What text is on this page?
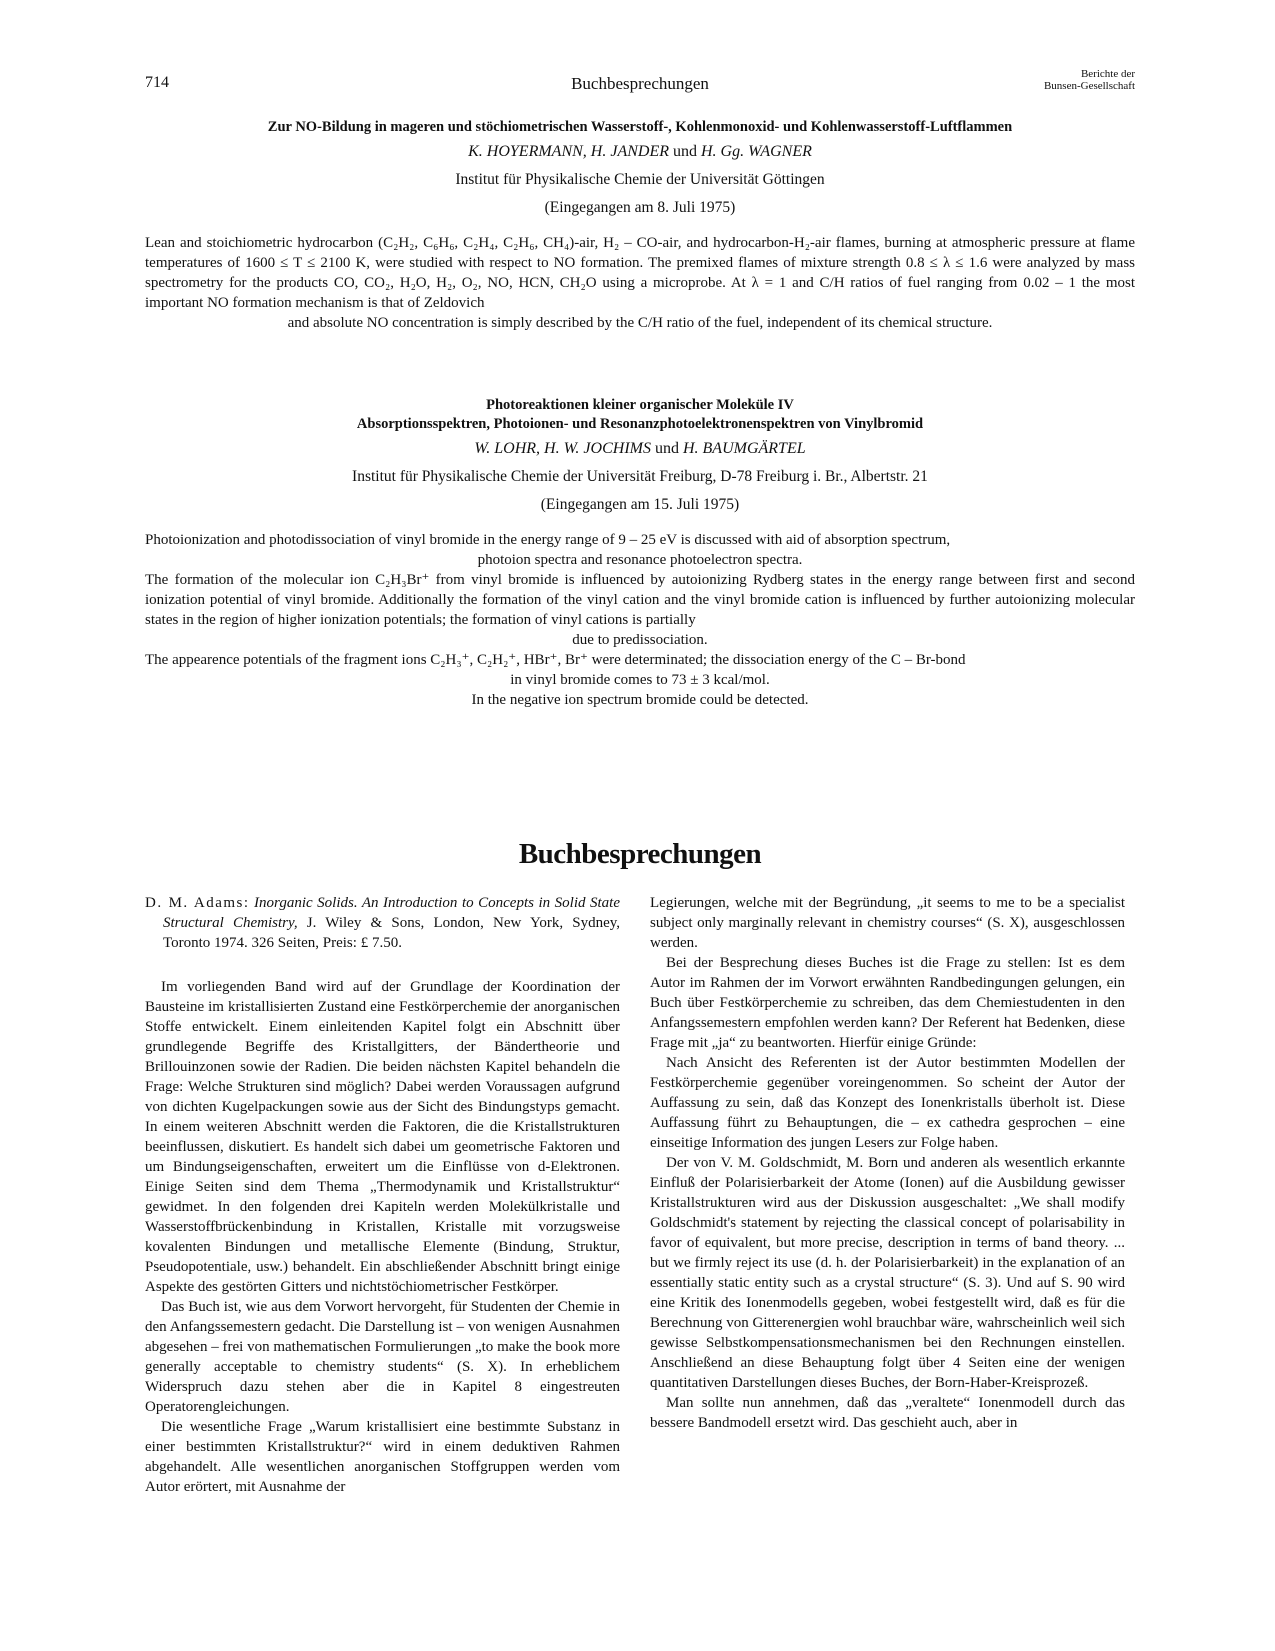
714	Buchbesprechungen	Berichte der
Bunsen-Gesellschaft
Zur NO-Bildung in mageren und stöchiometrischen Wasserstoff-, Kohlenmonoxid- und Kohlenwasserstoff-Luftflammen
K. HOYERMANN, H. JANDER und H. Gg. WAGNER
Institut für Physikalische Chemie der Universität Göttingen
(Eingegangen am 8. Juli 1975)

Lean and stoichiometric hydrocarbon (C₂H₂, C₆H₆, C₂H₄, C₂H₆, CH₄)-air, H₂ – CO-air, and hydrocarbon-H₂-air flames, burning at atmospheric pressure at flame temperatures of 1600 ≤ T ≤ 2100 K, were studied with respect to NO formation. The premixed flames of mixture strength 0.8 ≤ λ ≤ 1.6 were analyzed by mass spectrometry for the products CO, CO₂, H₂O, H₂, O₂, NO, HCN, CH₂O using a microprobe. At λ = 1 and C/H ratios of fuel ranging from 0.02 – 1 the most important NO formation mechanism is that of Zeldovich

and absolute NO concentration is simply described by the C/H ratio of the fuel, independent of its chemical structure.

Photoreaktionen kleiner organischer Moleküle IV
Absorptionsspektren, Photoionen- und Resonanzphotoelektronenspektren von Vinylbromid
W. LOHR, H. W. JOCHIMS und H. BAUMGÄRTEL
Institut für Physikalische Chemie der Universität Freiburg, D-78 Freiburg i. Br., Albertstr. 21
(Eingegangen am 15. Juli 1975)

Photoionization and photodissociation of vinyl bromide in the energy range of 9 – 25 eV is discussed with aid of absorption spectrum,

photoion spectra and resonance photoelectron spectra.

The formation of the molecular ion C₂H₃Br⁺ from vinyl bromide is influenced by autoionizing Rydberg states in the energy range between first and second ionization potential of vinyl bromide. Additionally the formation of the vinyl cation and the vinyl bromide cation is influenced by further autoionizing molecular states in the region of higher ionization potentials; the formation of vinyl cations is partially

due to predissociation.

The appearence potentials of the fragment ions C₂H₃⁺, C₂H₂⁺, HBr⁺, Br⁺ were determinated; the dissociation energy of the C – Br-bond

in vinyl bromide comes to 73 ± 3 kcal/mol.

In the negative ion spectrum bromide could be detected.

Buchbesprechungen
D. M. Adams: Inorganic Solids. An Introduction to Concepts in Solid State Structural Chemistry, J. Wiley & Sons, London, New York, Sydney, Toronto 1974. 326 Seiten, Preis: £ 7.50.

Im vorliegenden Band wird auf der Grundlage der Koordination der Bausteine im kristallisierten Zustand eine Festkörperchemie der anorganischen Stoffe entwickelt. Einem einleitenden Kapitel folgt ein Abschnitt über grundlegende Begriffe des Kristallgitters, der Bändertheorie und Brillouinzonen sowie der Radien. Die beiden nächsten Kapitel behandeln die Frage: Welche Strukturen sind möglich? Dabei werden Voraussagen aufgrund von dichten Kugelpackungen sowie aus der Sicht des Bindungstyps gemacht. In einem weiteren Abschnitt werden die Faktoren, die die Kristallstrukturen beeinflussen, diskutiert. Es handelt sich dabei um geometrische Faktoren und um Bindungseigenschaften, erweitert um die Einflüsse von d-Elektronen. Einige Seiten sind dem Thema „Thermodynamik und Kristallstruktur“ gewidmet. In den folgenden drei Kapiteln werden Molekülkristalle und Wasserstoffbrückenbindung in Kristallen, Kristalle mit vorzugsweise kovalenten Bindungen und metallische Elemente (Bindung, Struktur, Pseudopotentiale, usw.) behandelt. Ein abschließender Abschnitt bringt einige Aspekte des gestörten Gitters und nichtstöchiometrischer Festkörper.

Das Buch ist, wie aus dem Vorwort hervorgeht, für Studenten der Chemie in den Anfangssemestern gedacht. Die Darstellung ist – von wenigen Ausnahmen abgesehen – frei von mathematischen Formulierungen „to make the book more generally acceptable to chemistry students“ (S. X). In erheblichem Widerspruch dazu stehen aber die in Kapitel 8 eingestreuten Operatorengleichungen.

Die wesentliche Frage „Warum kristallisiert eine bestimmte Substanz in einer bestimmten Kristallstruktur?“ wird in einem deduktiven Rahmen abgehandelt. Alle wesentlichen anorganischen Stoffgruppen werden vom Autor erörtert, mit Ausnahme der

Legierungen, welche mit der Begründung, „it seems to me to be a specialist subject only marginally relevant in chemistry courses“ (S. X), ausgeschlossen werden.

Bei der Besprechung dieses Buches ist die Frage zu stellen: Ist es dem Autor im Rahmen der im Vorwort erwähnten Randbedingungen gelungen, ein Buch über Festkörperchemie zu schreiben, das dem Chemiestudenten in den Anfangssemestern empfohlen werden kann? Der Referent hat Bedenken, diese Frage mit „ja“ zu beantworten. Hierfür einige Gründe:

Nach Ansicht des Referenten ist der Autor bestimmten Modellen der Festkörperchemie gegenüber voreingenommen. So scheint der Autor der Auffassung zu sein, daß das Konzept des Ionenkristalls überholt ist. Diese Auffassung führt zu Behauptungen, die – ex cathedra gesprochen – eine einseitige Information des jungen Lesers zur Folge haben.

Der von V. M. Goldschmidt, M. Born und anderen als wesentlich erkannte Einfluß der Polarisierbarkeit der Atome (Ionen) auf die Ausbildung gewisser Kristallstrukturen wird aus der Diskussion ausgeschaltet: „We shall modify Goldschmidt's statement by rejecting the classical concept of polarisability in favor of equivalent, but more precise, description in terms of band theory. ... but we firmly reject its use (d. h. der Polarisierbarkeit) in the explanation of an essentially static entity such as a crystal structure“ (S. 3). Und auf S. 90 wird eine Kritik des Ionenmodells gegeben, wobei festgestellt wird, daß es für die Berechnung von Gitterenergien wohl brauchbar wäre, wahrscheinlich weil sich gewisse Selbstkompensationsmechanismen bei den Rechnungen einstellen. Anschließend an diese Behauptung folgt über 4 Seiten eine der wenigen quantitativen Darstellungen dieses Buches, der Born-Haber-Kreisprozeß.

Man sollte nun annehmen, daß das „veraltete“ Ionenmodell durch das bessere Bandmodell ersetzt wird. Das geschieht auch, aber in
